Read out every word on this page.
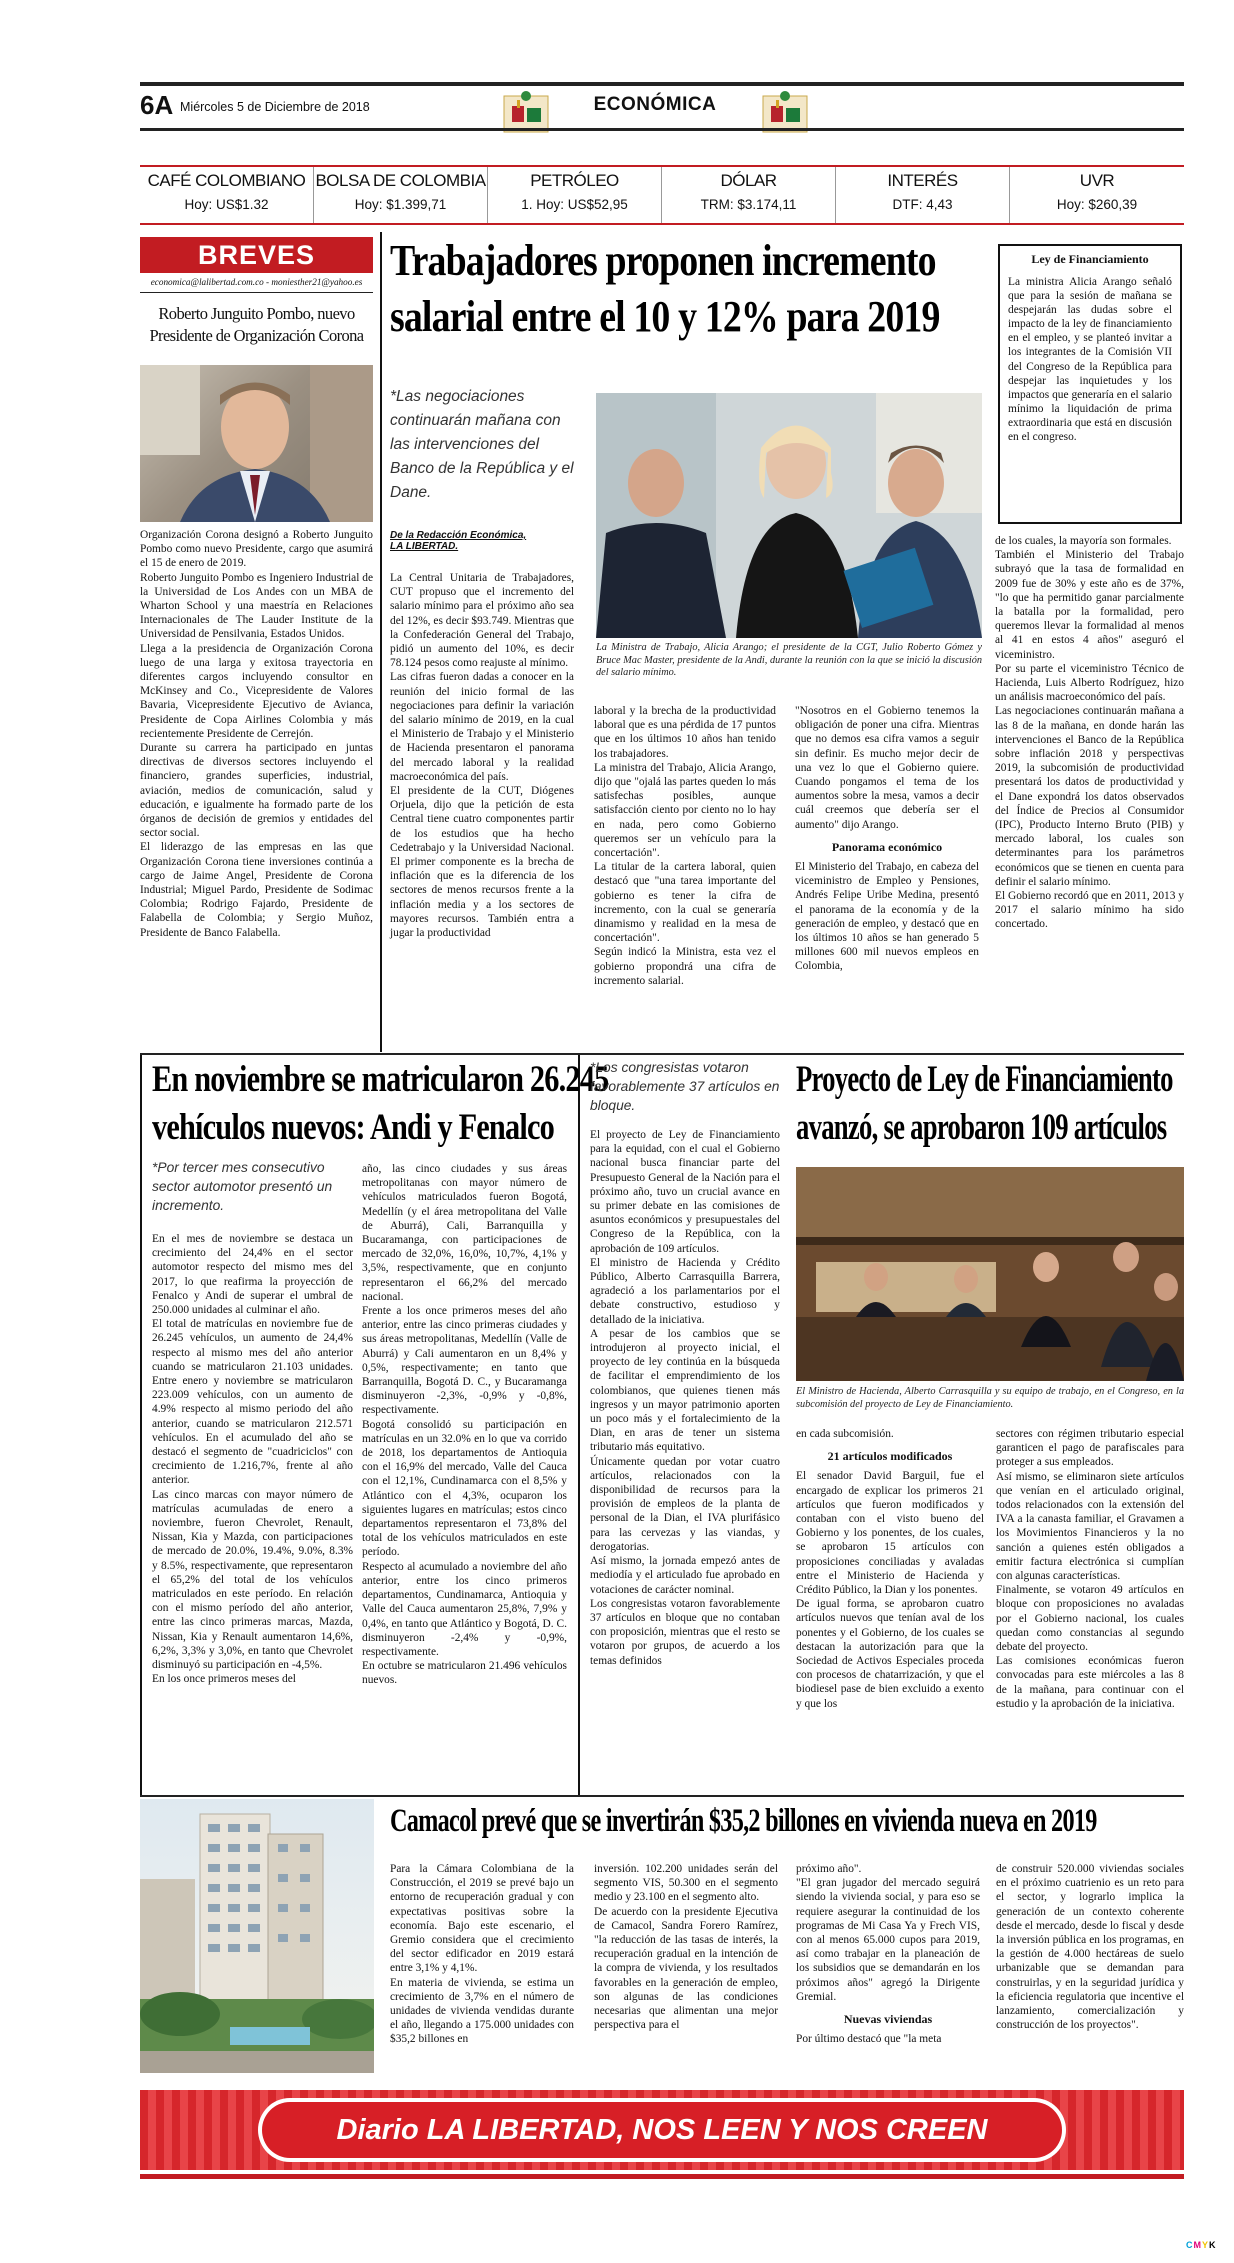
6A Miércoles 5 de Diciembre de 2018	ECONÓMICA
CAFÉ COLOMBIANO
Hoy: US$1.32
BOLSA DE COLOMBIA
Hoy: $1.399,71
PETRÓLEO
1. Hoy: US$52,95
DÓLAR
TRM: $3.174,11
INTERÉS
DTF: 4,43
UVR
Hoy: $260,39
BREVES
economica@lalibertad.com.co - moniesther21@yahoo.es
Roberto Junguito Pombo, nuevo Presidente de Organización Corona

Organización Corona designó a Roberto Junguito Pombo como nuevo Presidente, cargo que asumirá el 15 de enero de 2019.

Roberto Junguito Pombo es Ingeniero Industrial de la Universidad de Los Andes con un MBA de Wharton School y una maestría en Relaciones Internacionales de The Lauder Institute de la Universidad de Pensilvania, Estados Unidos.

Llega a la presidencia de Organización Corona luego de una larga y exitosa trayectoria en diferentes cargos incluyendo consultor en McKinsey and Co., Vicepresidente de Valores Bavaria, Vicepresidente Ejecutivo de Avianca, Presidente de Copa Airlines Colombia y más recientemente Presidente de Cerrejón.

Durante su carrera ha participado en juntas directivas de diversos sectores incluyendo el financiero, grandes superficies, industrial, aviación, medios de comunicación, salud y educación, e igualmente ha formado parte de los órganos de decisión de gremios y entidades del sector social.

El liderazgo de las empresas en las que Organización Corona tiene inversiones continúa a cargo de Jaime Angel, Presidente de Corona Industrial; Miguel Pardo, Presidente de Sodimac Colombia; Rodrigo Fajardo, Presidente de Falabella de Colombia; y Sergio Muñoz, Presidente de Banco Falabella.

Trabajadores proponen incremento
salarial entre el 10 y 12% para 2019
*Las negociaciones continuarán mañana con las intervenciones del Banco de la República y el Dane.
De la Redacción Económica,
LA LIBERTAD.
La Ministra de Trabajo, Alicia Arango; el presidente de la CGT, Julio Roberto Gómez y Bruce Mac Master, presidente de la Andi, durante la reunión con la que se inició la discusión del salario mínimo.

La Central Unitaria de Trabajadores, CUT propuso que el incremento del salario mínimo para el próximo año sea del 12%, es decir $93.749. Mientras que la Confederación General del Trabajo, pidió un aumento del 10%, es decir 78.124 pesos como reajuste al mínimo.

Las cifras fueron dadas a conocer en la reunión del inicio formal de las negociaciones para definir la variación del salario mínimo de 2019, en la cual el Ministerio de Trabajo y el Ministerio de Hacienda presentaron el panorama del mercado laboral y la realidad macroeconómica del país.

El presidente de la CUT, Diógenes Orjuela, dijo que la petición de esta Central tiene cuatro componentes partir de los estudios que ha hecho Cedetrabajo y la Universidad Nacional. El primer componente es la brecha de inflación que es la diferencia de los sectores de menos recursos frente a la inflación media y a los sectores de mayores recursos. También entra a jugar la productividad

laboral y la brecha de la productividad laboral que es una pérdida de 17 puntos que en los últimos 10 años han tenido los trabajadores.

La ministra del Trabajo, Alicia Arango, dijo que "ojalá las partes queden lo más satisfechas posibles, aunque satisfacción ciento por ciento no lo hay en nada, pero como Gobierno queremos ser un vehículo para la concertación".

La titular de la cartera laboral, quien destacó que "una tarea importante del gobierno es tener la cifra de incremento, con la cual se generaría dinamismo y realidad en la mesa de concertación".

Según indicó la Ministra, esta vez el gobierno propondrá una cifra de incremento salarial.

"Nosotros en el Gobierno tenemos la obligación de poner una cifra. Mientras que no demos esa cifra vamos a seguir sin definir. Es mucho mejor decir de una vez lo que el Gobierno quiere. Cuando pongamos el tema de los aumentos sobre la mesa, vamos a decir cuál creemos que debería ser el aumento" dijo Arango.

Panorama económico

El Ministerio del Trabajo, en cabeza del viceministro de Empleo y Pensiones, Andrés Felipe Uribe Medina, presentó el panorama de la economía y de la generación de empleo, y destacó que en los últimos 10 años se han generado 5 millones 600 mil nuevos empleos en Colombia,

de los cuales, la mayoría son formales.

También el Ministerio del Trabajo subrayó que la tasa de formalidad en 2009 fue de 30% y este año es de 37%, "lo que ha permitido ganar parcialmente la batalla por la formalidad, pero queremos llevar la formalidad al menos al 41 en estos 4 años" aseguró el viceministro.

Por su parte el viceministro Técnico de Hacienda, Luis Alberto Rodríguez, hizo un análisis macroeconómico del país.

Las negociaciones continuarán mañana a las 8 de la mañana, en donde harán las intervenciones el Banco de la República sobre inflación 2018 y perspectivas 2019, la subcomisión de productividad presentará los datos de productividad y el Dane expondrá los datos observados del Índice de Precios al Consumidor (IPC), Producto Interno Bruto (PIB) y mercado laboral, los cuales son determinantes para los parámetros económicos que se tienen en cuenta para definir el salario mínimo.

El Gobierno recordó que en 2011, 2013 y 2017 el salario mínimo ha sido concertado.

Ley de Financiamiento
La ministra Alicia Arango señaló que para la sesión de mañana se despejarán las dudas sobre el impacto de la ley de financiamiento en el empleo, y se planteó invitar a los integrantes de la Comisión VII del Congreso de la República para despejar las inquietudes y los impactos que generaría en el salario mínimo la liquidación de prima extraordinaria que está en discusión en el congreso.
En noviembre se matricularon 26.245
vehículos nuevos: Andi y Fenalco
*Por tercer mes consecutivo sector automotor presentó un incremento.

En el mes de noviembre se destaca un crecimiento del 24,4% en el sector automotor respecto del mismo mes del 2017, lo que reafirma la proyección de Fenalco y Andi de superar el umbral de 250.000 unidades al culminar el año.

El total de matrículas en noviembre fue de 26.245 vehículos, un aumento de 24,4% respecto al mismo mes del año anterior cuando se matricularon 21.103 unidades. Entre enero y noviembre se matricularon 223.009 vehículos, con un aumento de 4.9% respecto al mismo periodo del año anterior, cuando se matricularon 212.571 vehículos. En el acumulado del año se destacó el segmento de "cuadriciclos" con crecimiento de 1.216,7%, frente al año anterior.

Las cinco marcas con mayor número de matrículas acumuladas de enero a noviembre, fueron Chevrolet, Renault, Nissan, Kia y Mazda, con participaciones de mercado de 20.0%, 19.4%, 9.0%, 8.3% y 8.5%, respectivamente, que representaron el 65,2% del total de los vehículos matriculados en este período. En relación con el mismo período del año anterior, entre las cinco primeras marcas, Mazda, Nissan, Kia y Renault aumentaron 14,6%, 6,2%, 3,3% y 3,0%, en tanto que Chevrolet disminuyó su participación en -4,5%.

En los once primeros meses del

año, las cinco ciudades y sus áreas metropolitanas con mayor número de vehículos matriculados fueron Bogotá, Medellín (y el área metropolitana del Valle de Aburrá), Cali, Barranquilla y Bucaramanga, con participaciones de mercado de 32,0%, 16,0%, 10,7%, 4,1% y 3,5%, respectivamente, que en conjunto representaron el 66,2% del mercado nacional.

Frente a los once primeros meses del año anterior, entre las cinco primeras ciudades y sus áreas metropolitanas, Medellín (Valle de Aburrá) y Cali aumentaron en un 8,4% y 0,5%, respectivamente; en tanto que Barranquilla, Bogotá D. C., y Bucaramanga disminuyeron -2,3%, -0,9% y -0,8%, respectivamente.

Bogotá consolidó su participación en matrículas en un 32.0% en lo que va corrido de 2018, los departamentos de Antioquia con el 16,9% del mercado, Valle del Cauca con el 12,1%, Cundinamarca con el 8,5% y Atlántico con el 4,3%, ocuparon los siguientes lugares en matrículas; estos cinco departamentos representaron el 73,8% del total de los vehículos matriculados en este período.

Respecto al acumulado a noviembre del año anterior, entre los cinco primeros departamentos, Cundinamarca, Antioquia y Valle del Cauca aumentaron 25,8%, 7,9% y 0,4%, en tanto que Atlántico y Bogotá, D. C. disminuyeron -2,4% y -0,9%, respectivamente.

En octubre se matricularon 21.496 vehículos nuevos.

*Los congresistas votaron favorablemente 37 artículos en bloque.

El proyecto de Ley de Financiamiento para la equidad, con el cual el Gobierno nacional busca financiar parte del Presupuesto General de la Nación para el próximo año, tuvo un crucial avance en su primer debate en las comisiones de asuntos económicos y presupuestales del Congreso de la República, con la aprobación de 109 artículos.

El ministro de Hacienda y Crédito Público, Alberto Carrasquilla Barrera, agradeció a los parlamentarios por el debate constructivo, estudioso y detallado de la iniciativa.

A pesar de los cambios que se introdujeron al proyecto inicial, el proyecto de ley continúa en la búsqueda de facilitar el emprendimiento de los colombianos, que quienes tienen más ingresos y un mayor patrimonio aporten un poco más y el fortalecimiento de la Dian, en aras de tener un sistema tributario más equitativo.

Únicamente quedan por votar cuatro artículos, relacionados con la disponibilidad de recursos para la provisión de empleos de la planta de personal de la Dian, el IVA plurifásico para las cervezas y las viandas, y derogatorias.

Así mismo, la jornada empezó antes de mediodía y el articulado fue aprobado en votaciones de carácter nominal.

Los congresistas votaron favorablemente 37 artículos en bloque que no contaban con proposición, mientras que el resto se votaron por grupos, de acuerdo a los temas definidos

Proyecto de Ley de Financiamiento
avanzó, se aprobaron 109 artículos
El Ministro de Hacienda, Alberto Carrasquilla y su equipo de trabajo, en el Congreso, en la subcomisión del proyecto de Ley de Financiamiento.

en cada subcomisión.

21 artículos modificados

El senador David Barguil, fue el encargado de explicar los primeros 21 artículos que fueron modificados y contaban con el visto bueno del Gobierno y los ponentes, de los cuales, se aprobaron 15 artículos con proposiciones conciliadas y avaladas entre el Ministerio de Hacienda y Crédito Público, la Dian y los ponentes.

De igual forma, se aprobaron cuatro artículos nuevos que tenían aval de los ponentes y el Gobierno, de los cuales se destacan la autorización para que la Sociedad de Activos Especiales proceda con procesos de chatarrización, y que el biodiesel pase de bien excluido a exento y que los

sectores con régimen tributario especial garanticen el pago de parafiscales para proteger a sus empleados.

Así mismo, se eliminaron siete artículos que venían en el articulado original, todos relacionados con la extensión del IVA a la canasta familiar, el Gravamen a los Movimientos Financieros y la no sanción a quienes estén obligados a emitir factura electrónica si cumplían con algunas características.

Finalmente, se votaron 49 artículos en bloque con proposiciones no avaladas por el Gobierno nacional, los cuales quedan como constancias al segundo debate del proyecto.

Las comisiones económicas fueron convocadas para este miércoles a las 8 de la mañana, para continuar con el estudio y la aprobación de la iniciativa.

Camacol prevé que se invertirán $35,2 billones en vivienda nueva en 2019

Para la Cámara Colombiana de la Construcción, el 2019 se prevé bajo un entorno de recuperación gradual y con expectativas positivas sobre la economía. Bajo este escenario, el Gremio considera que el crecimiento del sector edificador en 2019 estará entre 3,1% y 4,1%.

En materia de vivienda, se estima un crecimiento de 3,7% en el número de unidades de vivienda vendidas durante el año, llegando a 175.000 unidades con $35,2 billones en

inversión. 102.200 unidades serán del segmento VIS, 50.300 en el segmento medio y 23.100 en el segmento alto.

De acuerdo con la presidente Ejecutiva de Camacol, Sandra Forero Ramírez, "la reducción de las tasas de interés, la recuperación gradual en la intención de la compra de vivienda, y los resultados favorables en la generación de empleo, son algunas de las condiciones necesarias que alimentan una mejor perspectiva para el

próximo año".

"El gran jugador del mercado seguirá siendo la vivienda social, y para eso se requiere asegurar la continuidad de los programas de Mi Casa Ya y Frech VIS, con al menos 65.000 cupos para 2019, así como trabajar en la planeación de los subsidios que se demandarán en los próximos años" agregó la Dirigente Gremial.

Nuevas viviendas

Por último destacó que "la meta

de construir 520.000 viviendas sociales en el próximo cuatrienio es un reto para el sector, y lograrlo implica la generación de un contexto coherente desde el mercado, desde lo fiscal y desde la inversión pública en los programas, en la gestión de 4.000 hectáreas de suelo urbanizable que se demandan para construirlas, y en la seguridad jurídica y la eficiencia regulatoria que incentive el lanzamiento, comercialización y construcción de los proyectos".

Diario LA LIBERTAD, NOS LEEN Y NOS CREEN
CMYK
